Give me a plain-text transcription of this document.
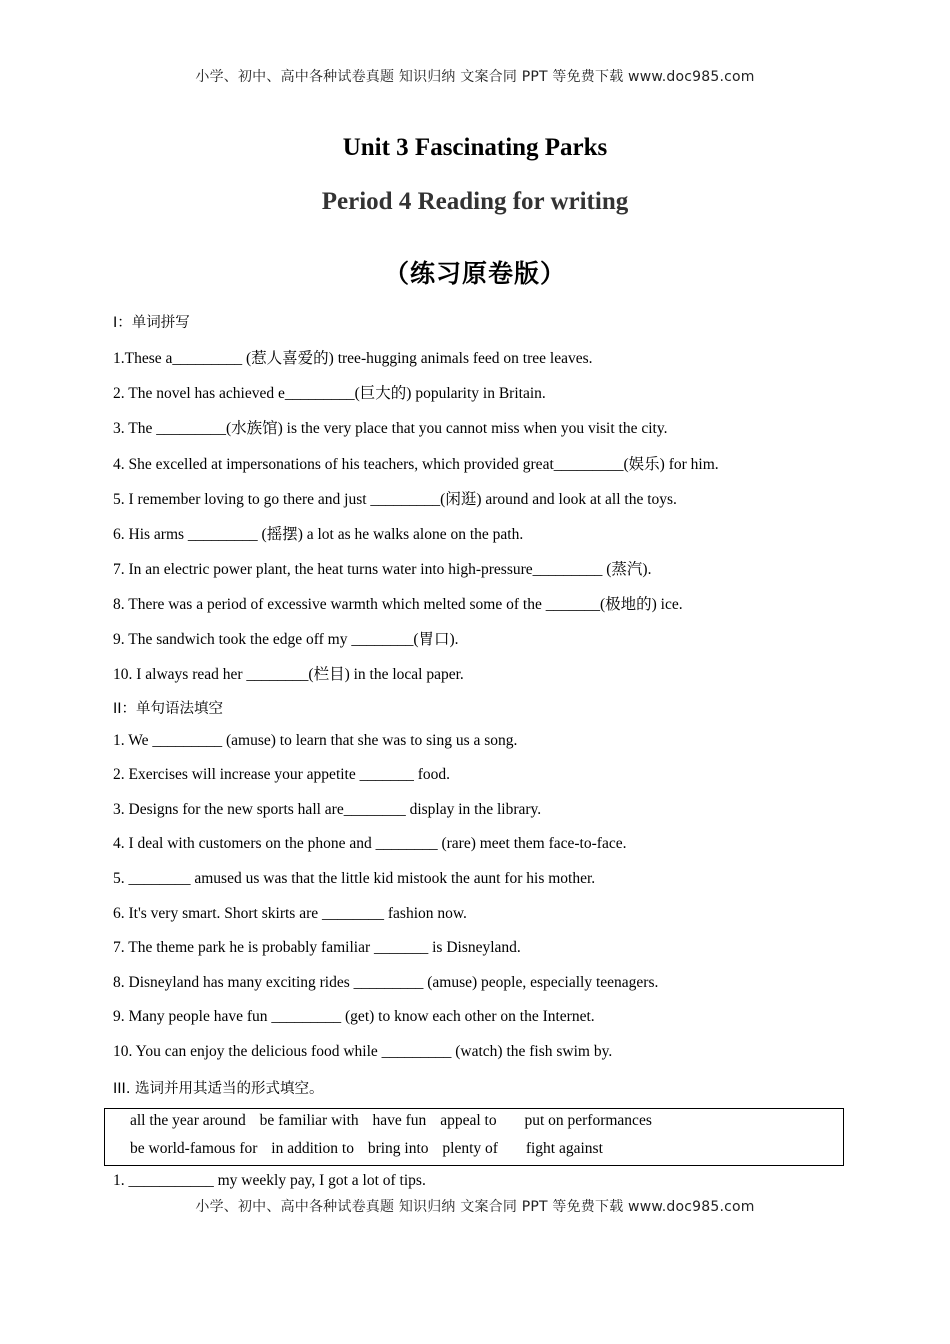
小学、初中、高中各种试卷真题 知识归纳 文案合同 PPT 等免费下载 www.doc985.com
Unit 3 Fascinating Parks
Period 4 Reading for writing
（练习原卷版）
I：单词拼写
1.These a_________ (惹人喜爱的) tree-hugging animals feed on tree leaves.
2. The novel has achieved e_________(巨大的) popularity in Britain.
3. The _________(水族馆) is the very place that you cannot miss when you visit the city.
4. She excelled at impersonations of his teachers, which provided great_________(娱乐) for him.
5. I remember loving to go there and just _________(闲逛) around and look at all the toys.
6. His arms _________ (摇摆) a lot as he walks alone on the path.
7. In an electric power plant, the heat turns water into high-pressure_________ (蒸汽).
8. There was a period of excessive warmth which melted some of the _______(极地的) ice.
9. The sandwich took the edge off my ________(胃口).
10. I always read her ________(栏目) in the local paper.
II：单句语法填空
1. We _________ (amuse) to learn that she was to sing us a song.
2. Exercises will increase your appetite _______ food.
3. Designs for the new sports hall are________ display in the library.
4. I deal with customers on the phone and ________ (rare) meet them face-to-face.
5. ________ amused us was that the little kid mistook the aunt for his mother.
6. It's very smart. Short skirts are ________ fashion now.
7. The theme park he is probably familiar _______ is Disneyland.
8. Disneyland has many exciting rides _________ (amuse) people, especially teenagers.
9. Many people have fun _________ (get) to know each other on the Internet.
10. You can enjoy the delicious food while _________ (watch) the fish swim by.
III. 选词并用其适当的形式填空。
all the year around be familiar with have fun appeal to put on performances
be world-famous for in addition to bring into plenty of fight against
1. ___________ my weekly pay, I got a lot of tips.
小学、初中、高中各种试卷真题 知识归纳 文案合同 PPT 等免费下载 www.doc985.com
